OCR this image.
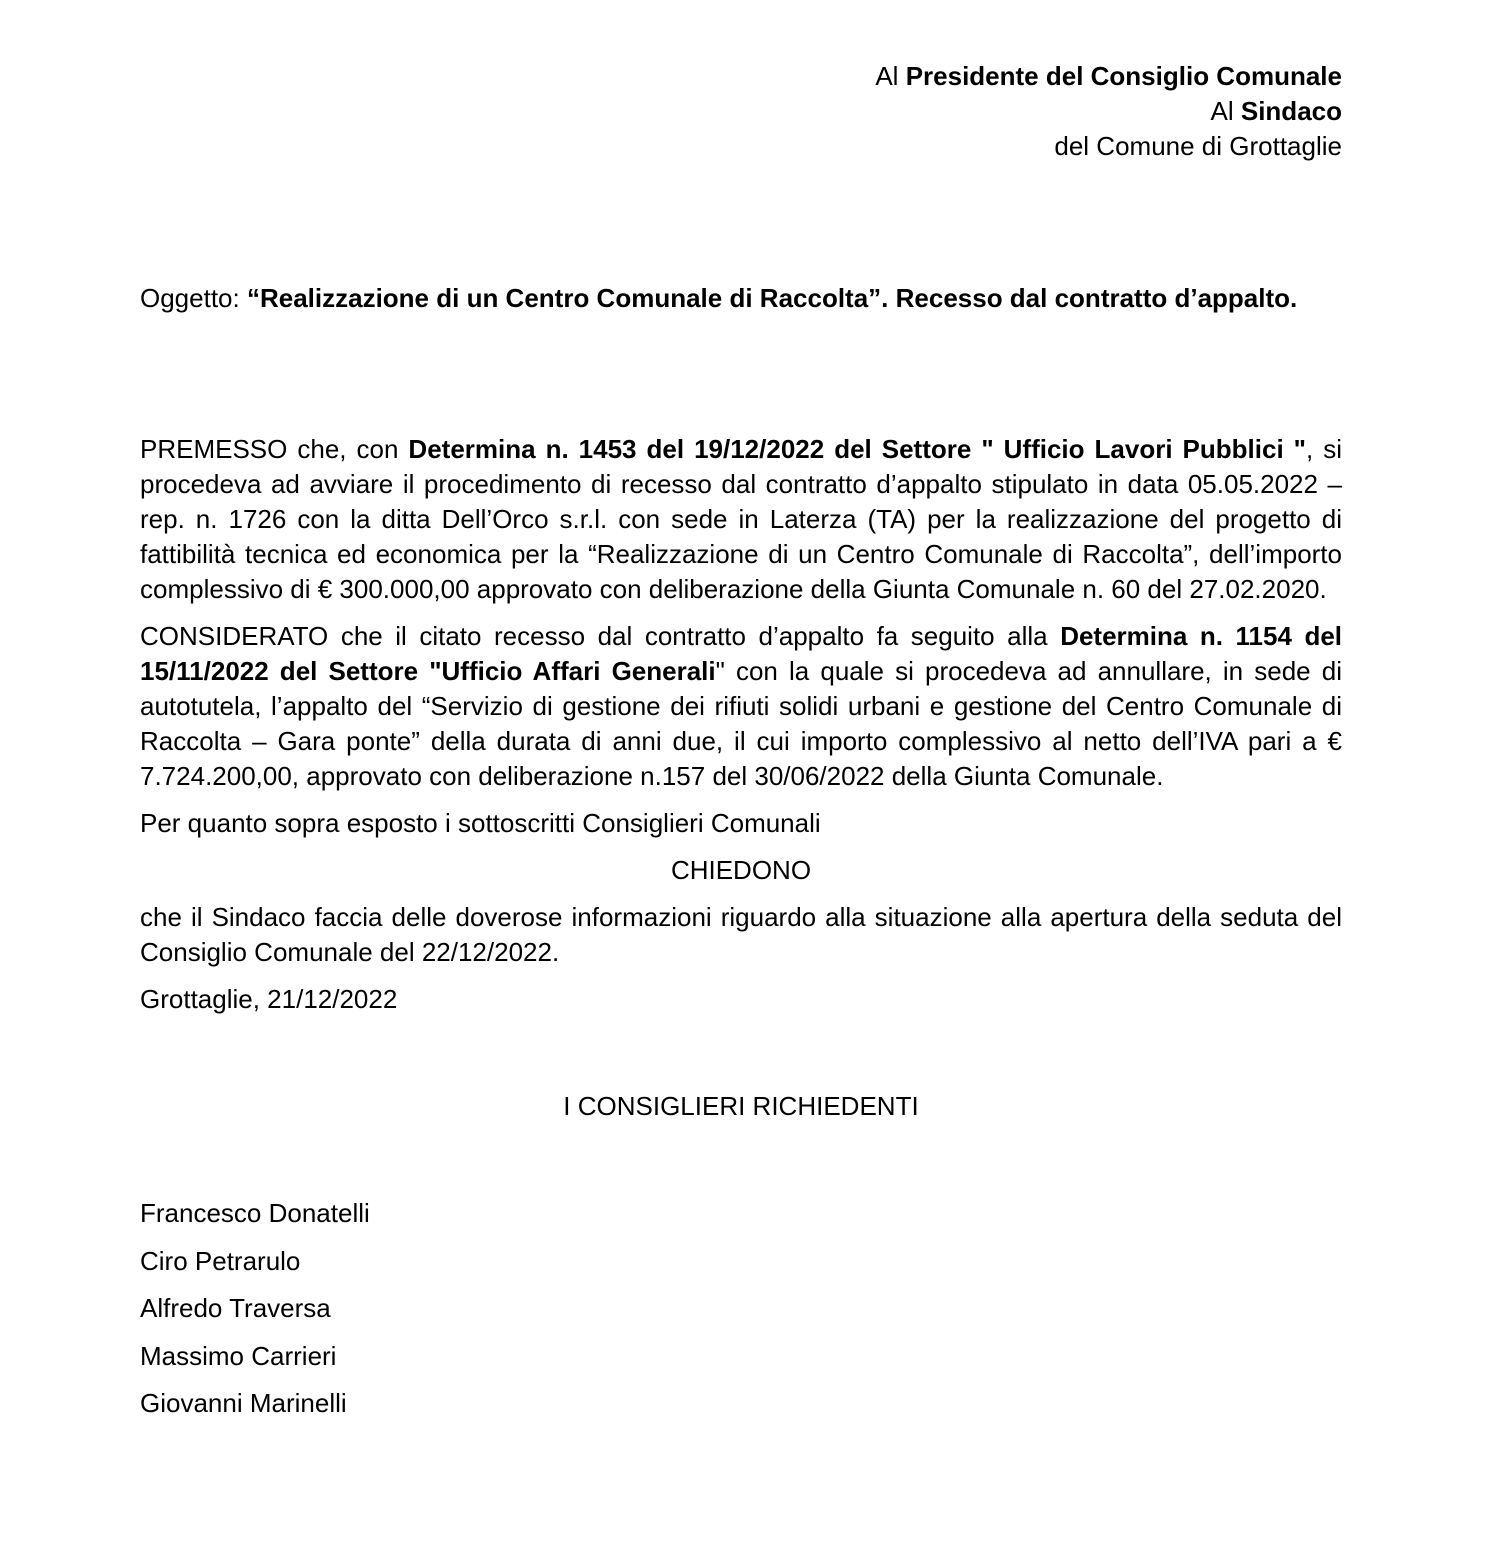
Al Presidente del Consiglio Comunale
Al Sindaco
del Comune di Grottaglie
Oggetto: “Realizzazione di un Centro Comunale di Raccolta”. Recesso dal contratto d’appalto.
PREMESSO che, con Determina n. 1453 del 19/12/2022 del Settore " Ufficio Lavori Pubblici ", si procedeva ad avviare il procedimento di recesso dal contratto d’appalto stipulato in data 05.05.2022 – rep. n. 1726 con la ditta Dell’Orco s.r.l. con sede in Laterza (TA) per la realizzazione del progetto di fattibilità tecnica ed economica per la “Realizzazione di un Centro Comunale di Raccolta”, dell’importo complessivo di € 300.000,00 approvato con deliberazione della Giunta Comunale n. 60 del 27.02.2020.
CONSIDERATO che il citato recesso dal contratto d’appalto fa seguito alla Determina n. 1154 del 15/11/2022 del Settore "Ufficio Affari Generali" con la quale si procedeva ad annullare, in sede di autotutela, l’appalto del “Servizio di gestione dei rifiuti solidi urbani e gestione del Centro Comunale di Raccolta – Gara ponte” della durata di anni due, il cui importo complessivo al netto dell’IVA pari a € 7.724.200,00, approvato con deliberazione n.157 del 30/06/2022 della Giunta Comunale.
Per quanto sopra esposto i sottoscritti Consiglieri Comunali
CHIEDONO
che il Sindaco faccia delle doverose informazioni riguardo alla situazione alla apertura della seduta del Consiglio Comunale del 22/12/2022.
Grottaglie, 21/12/2022
I CONSIGLIERI RICHIEDENTI
Francesco Donatelli
Ciro Petrarulo
Alfredo Traversa
Massimo Carrieri
Giovanni Marinelli
